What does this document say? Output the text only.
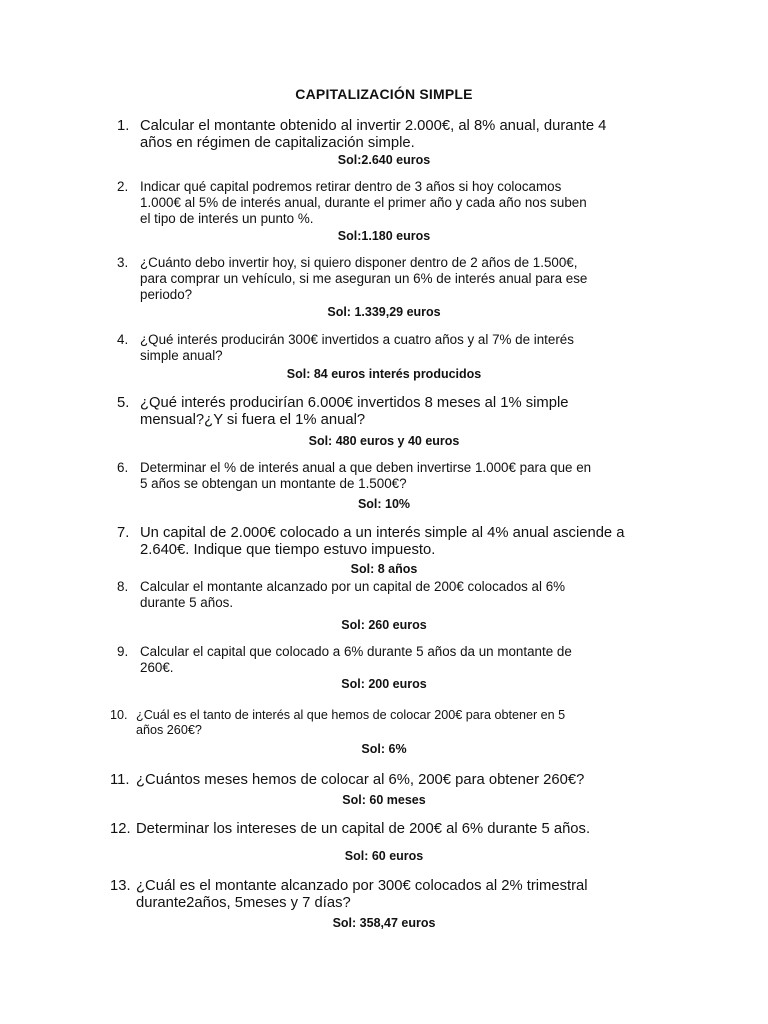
CAPITALIZACIÓN SIMPLE
1. Calcular el montante obtenido al invertir 2.000€, al 8% anual, durante 4
años en régimen de capitalización simple.
Sol:2.640 euros
2. Indicar qué capital podremos retirar dentro de 3 años si hoy colocamos
1.000€ al 5% de interés anual, durante el primer año y cada año nos suben
el tipo de interés un punto %.
Sol:1.180 euros
3. ¿Cuánto debo invertir hoy, si quiero disponer dentro de 2 años de 1.500€,
para comprar un vehículo, si me aseguran un 6% de interés anual para ese
periodo?
Sol: 1.339,29 euros
4. ¿Qué interés producirán 300€ invertidos a cuatro años y al 7% de interés
simple anual?
Sol: 84 euros interés producidos
5. ¿Qué interés producirían 6.000€ invertidos 8 meses al 1% simple
mensual?¿Y si fuera el 1% anual?
Sol: 480 euros y 40 euros
6. Determinar el % de interés anual a que deben invertirse 1.000€ para que en
5 años se obtengan un montante de 1.500€?
Sol: 10%
7. Un capital de 2.000€ colocado a un interés simple al 4% anual asciende a
2.640€. Indique que tiempo estuvo impuesto.
Sol: 8 años
8. Calcular el montante alcanzado por un capital de 200€ colocados al 6%
durante 5 años.
Sol: 260 euros
9. Calcular el capital que colocado a 6% durante 5 años da un montante de
260€.
Sol: 200 euros
10. ¿Cuál es el tanto de interés al que hemos de colocar 200€ para obtener en 5
años 260€?
Sol: 6%
11. ¿Cuántos meses hemos de colocar al 6%, 200€ para obtener 260€?
Sol: 60 meses
12. Determinar los intereses de un capital de 200€ al 6% durante 5 años.
Sol: 60 euros
13. ¿Cuál es el montante alcanzado por 300€ colocados al 2% trimestral
durante2años, 5meses y 7 días?
Sol: 358,47 euros
